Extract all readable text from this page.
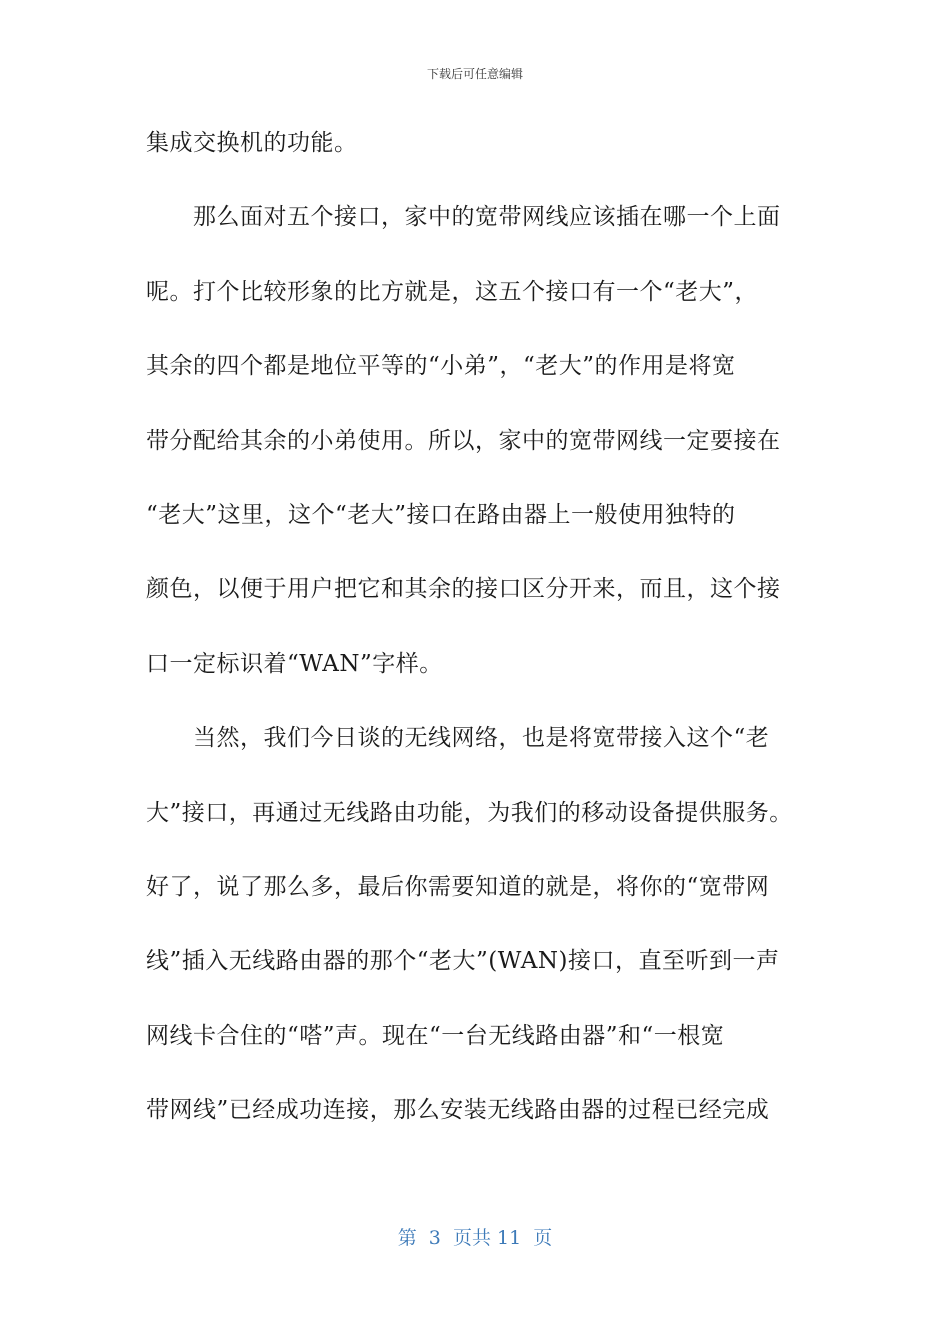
下载后可任意编辑
集成交换机的功能。
那么面对五个接口，家中的宽带网线应该插在哪一个上面
呢。打个比较形象的比方就是，这五个接口有一个“老大”，
其余的四个都是地位平等的“小弟”，“老大”的作用是将宽
带分配给其余的小弟使用。所以，家中的宽带网线一定要接在
“老大”这里，这个“老大”接口在路由器上一般使用独特的
颜色，以便于用户把它和其余的接口区分开来，而且，这个接
口一定标识着“WAN”字样。
当然，我们今日谈的无线网络，也是将宽带接入这个“老
大”接口，再通过无线路由功能，为我们的移动设备提供服务。
好了，说了那么多，最后你需要知道的就是，将你的“宽带网
线”插入无线路由器的那个“老大”(WAN)接口，直至听到一声
网线卡合住的“嗒”声。现在“一台无线路由器”和“一根宽
带网线”已经成功连接，那么安装无线路由器的过程已经完成
第  3  页共 11  页
